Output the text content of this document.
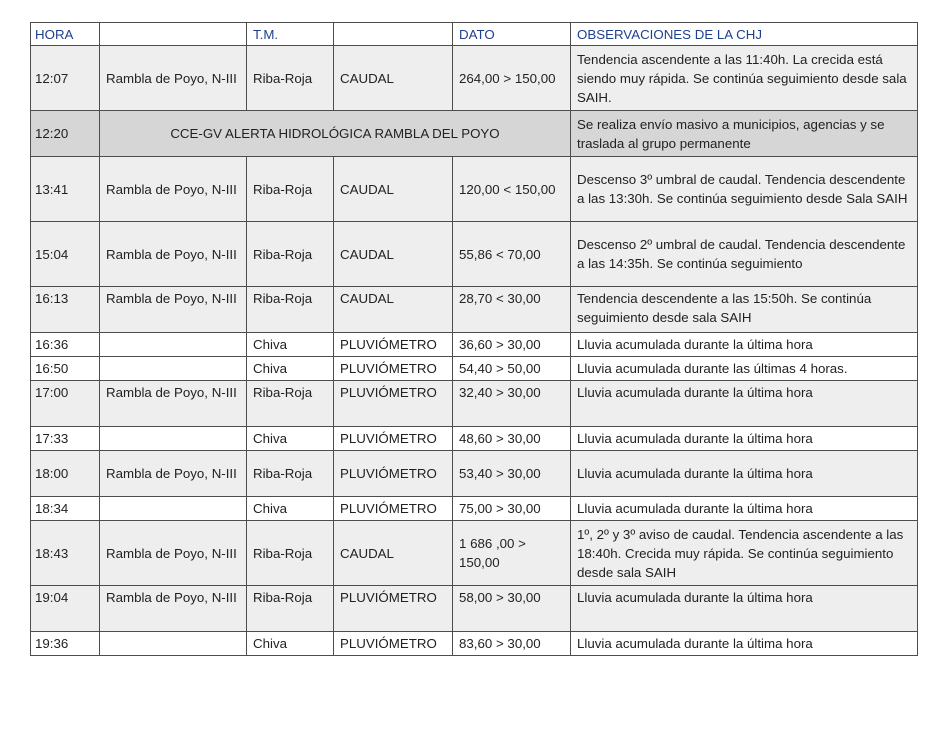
HORA		T.M.		DATO	OBSERVACIONES DE LA CHJ
12:07	Rambla de Poyo, N-III	Riba-Roja	CAUDAL	264,00 > 150,00	Tendencia ascendente a las 11:40h. La crecida está siendo muy rápida. Se continúa seguimiento desde sala SAIH.
12:20	CCE-GV ALERTA HIDROLÓGICA RAMBLA DEL POYO				Se realiza envío masivo a municipios, agencias y se traslada al grupo permanente
13:41	Rambla de Poyo, N-III	Riba-Roja	CAUDAL	120,00 < 150,00	Descenso 3º umbral de caudal. Tendencia descendente a las 13:30h. Se continúa seguimiento desde Sala SAIH
15:04	Rambla de Poyo, N-III	Riba-Roja	CAUDAL	55,86 < 70,00	Descenso 2º umbral de caudal. Tendencia descendente a las 14:35h. Se continúa seguimiento
16:13	Rambla de Poyo, N-III	Riba-Roja	CAUDAL	28,70 < 30,00	Tendencia descendente a las 15:50h. Se continúa seguimiento desde sala SAIH
16:36		Chiva	PLUVIÓMETRO	36,60 > 30,00	Lluvia acumulada durante la última hora
16:50		Chiva	PLUVIÓMETRO	54,40 > 50,00	Lluvia acumulada durante las últimas 4 horas.
17:00	Rambla de Poyo, N-III	Riba-Roja	PLUVIÓMETRO	32,40 > 30,00	Lluvia acumulada durante la última hora
17:33		Chiva	PLUVIÓMETRO	48,60 > 30,00	Lluvia acumulada durante la última hora
18:00	Rambla de Poyo, N-III	Riba-Roja	PLUVIÓMETRO	53,40 > 30,00	Lluvia acumulada durante la última hora
18:34		Chiva	PLUVIÓMETRO	75,00 > 30,00	Lluvia acumulada durante la última hora
18:43	Rambla de Poyo, N-III	Riba-Roja	CAUDAL	1 686 ,00 > 150,00	1º, 2º y 3º aviso de caudal. Tendencia ascendente a las 18:40h. Crecida muy rápida. Se continúa seguimiento desde sala SAIH
19:04	Rambla de Poyo, N-III	Riba-Roja	PLUVIÓMETRO	58,00 > 30,00	Lluvia acumulada durante la última hora
19:36		Chiva	PLUVIÓMETRO	83,60 > 30,00	Lluvia acumulada durante la última hora
